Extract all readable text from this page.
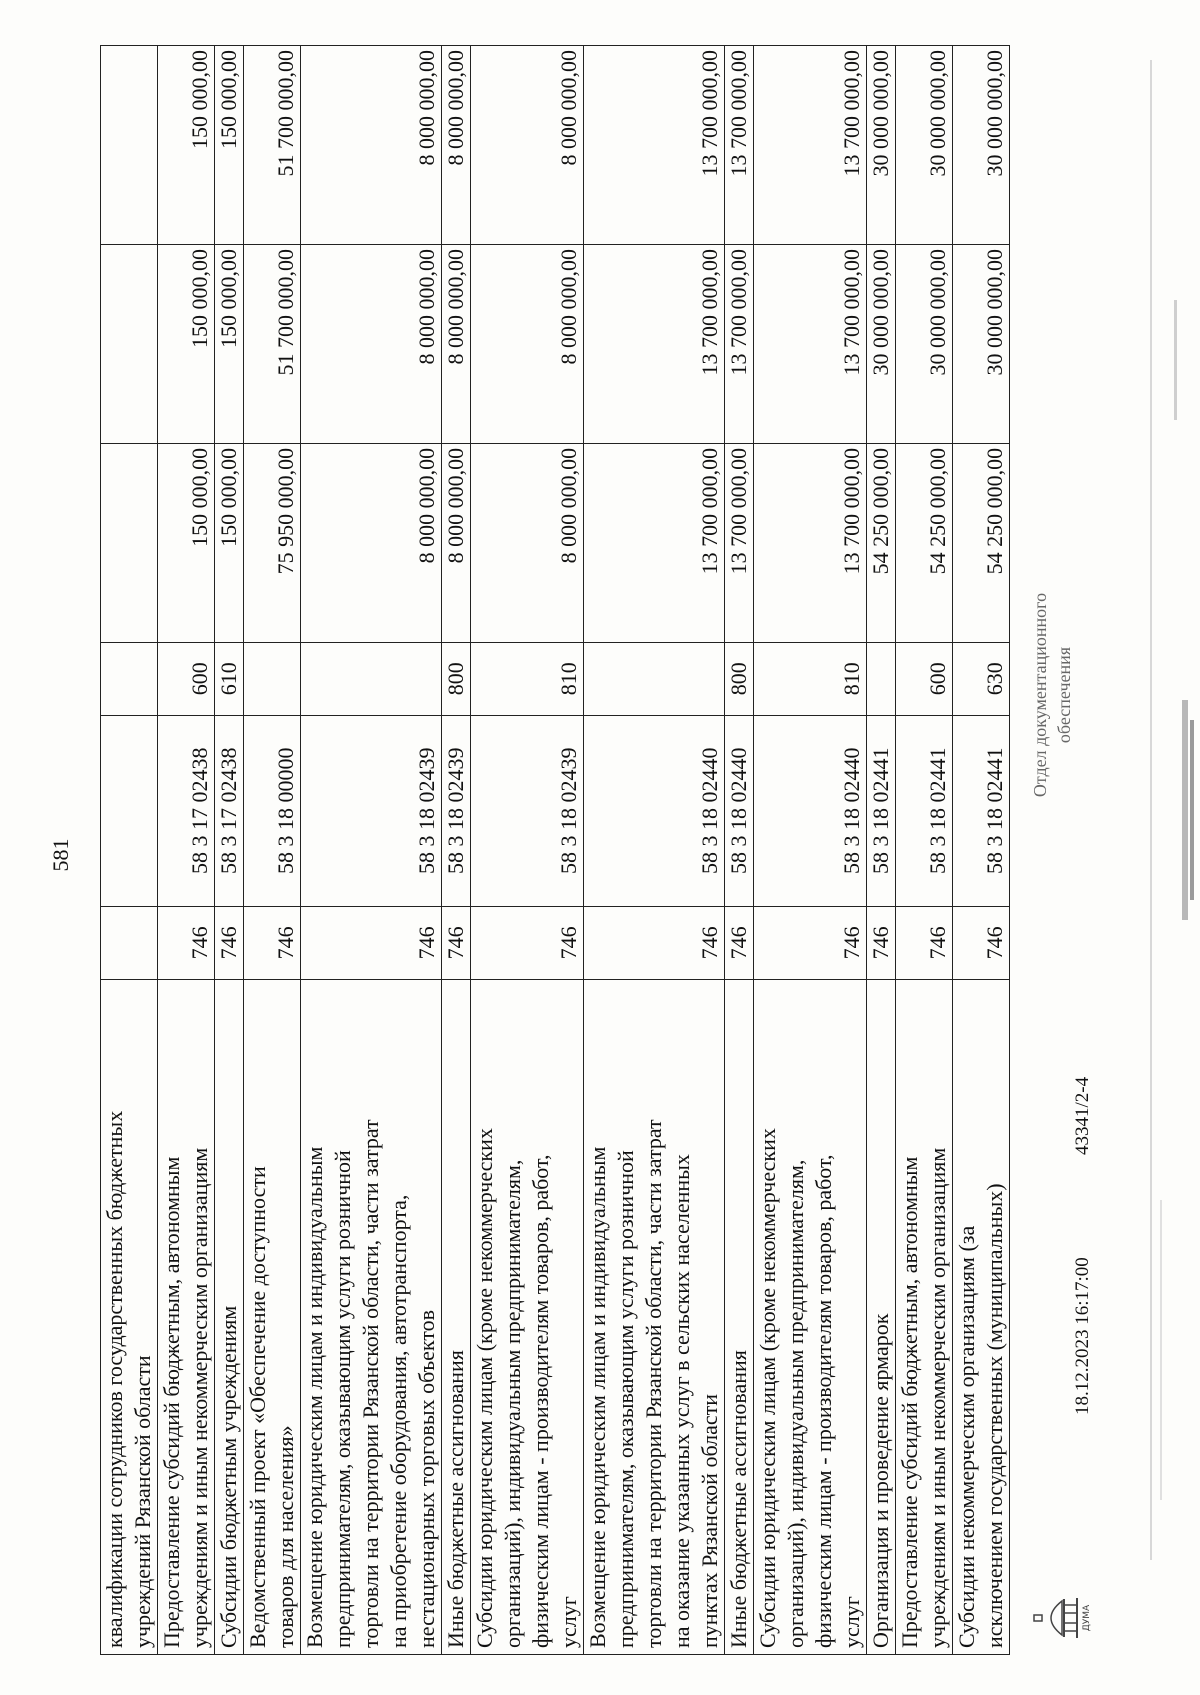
581
квалификации сотрудников государственных бюджетных учреждений Рязанской области						

Предоставление субсидий бюджетным, автономным учреждениям и иным некоммерческим организациям	746	58 3 17 02438	600	150 000,00	150 000,00	150 000,00

Субсидии бюджетным учреждениям	746	58 3 17 02438	610	150 000,00	150 000,00	150 000,00

Ведомственный проект «Обеспечение доступности товаров для населения»	746	58 3 18 00000		75 950 000,00	51 700 000,00	51 700 000,00

Возмещение юридическим лицам и индивидуальным предпринимателям, оказывающим услуги розничной торговли на территории Рязанской области, части затрат на приобретение оборудования, автотранспорта, нестационарных торговых объектов	746	58 3 18 02439		8 000 000,00	8 000 000,00	8 000 000,00

Иные бюджетные ассигнования	746	58 3 18 02439	800	8 000 000,00	8 000 000,00	8 000 000,00

Субсидии юридическим лицам (кроме некоммерческих организаций), индивидуальным предпринимателям, физическим лицам - производителям товаров, работ, услуг	746	58 3 18 02439	810	8 000 000,00	8 000 000,00	8 000 000,00

Возмещение юридическим лицам и индивидуальным предпринимателям, оказывающим услуги розничной торговли на территории Рязанской области, части затрат на оказание указанных услуг в сельских населенных пунктах Рязанской области	746	58 3 18 02440		13 700 000,00	13 700 000,00	13 700 000,00

Иные бюджетные ассигнования	746	58 3 18 02440	800	13 700 000,00	13 700 000,00	13 700 000,00

Субсидии юридическим лицам (кроме некоммерческих организаций), индивидуальным предпринимателям, физическим лицам - производителям товаров, работ, услуг	746	58 3 18 02440	810	13 700 000,00	13 700 000,00	13 700 000,00

Организация и проведение ярмарок	746	58 3 18 02441		54 250 000,00	30 000 000,00	30 000 000,00

Предоставление субсидий бюджетным, автономным учреждениям и иным некоммерческим организациям	746	58 3 18 02441	600	54 250 000,00	30 000 000,00	30 000 000,00

Субсидии некоммерческим организациям (за исключением государственных (муниципальных)	746	58 3 18 02441	630	54 250 000,00	30 000 000,00	30 000 000,00
ДУМА
18.12.2023 16:17:00
43341/2-4
Отдел документационного обеспечения
